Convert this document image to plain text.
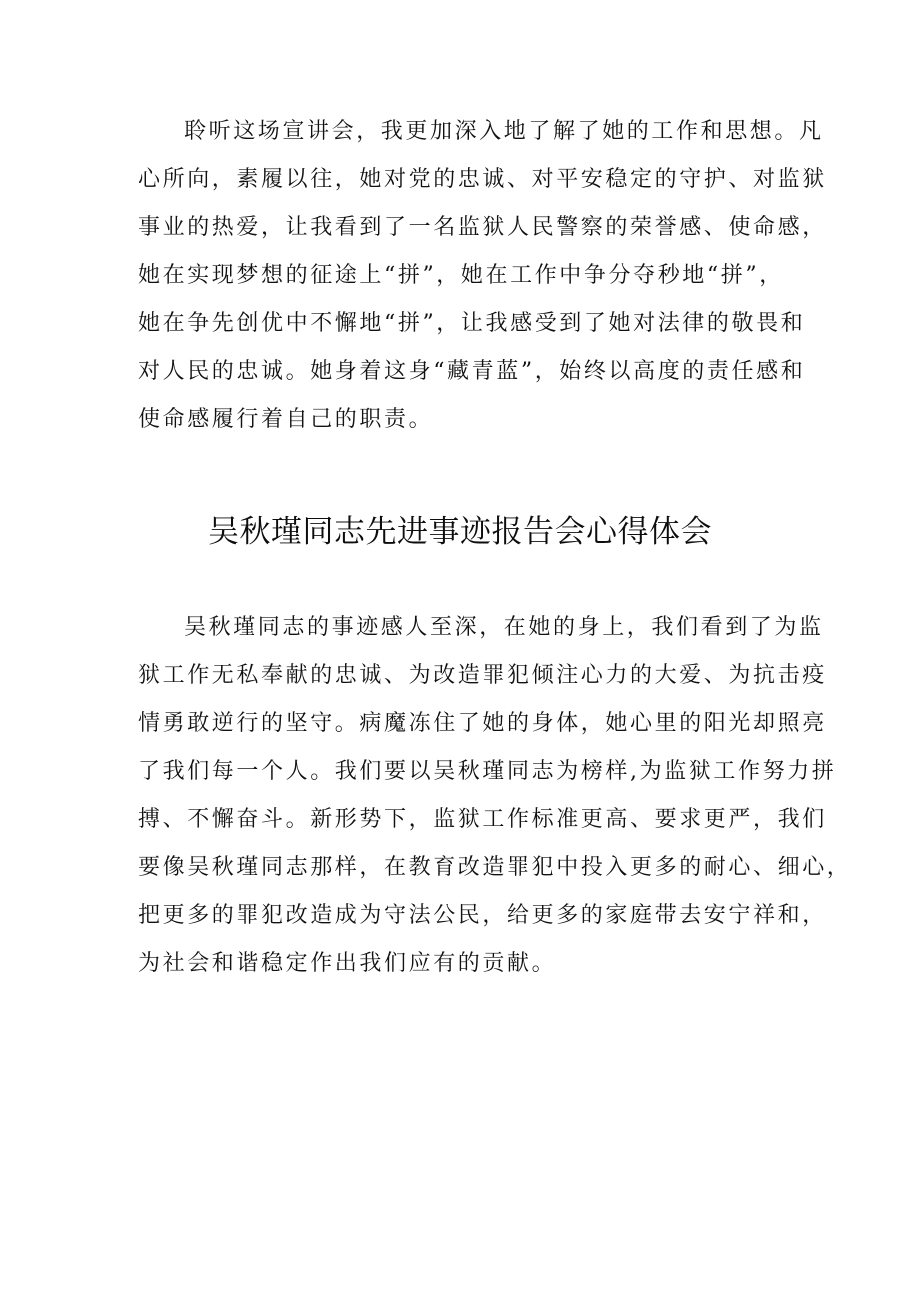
聆听这场宣讲会，我更加深入地了解了她的工作和思想。凡
心所向，素履以往，她对党的忠诚、对平安稳定的守护、对监狱
事业的热爱，让我看到了一名监狱人民警察的荣誉感、使命感，
她在实现梦想的征途上“拼”，她在工作中争分夺秒地“拼”，
她在争先创优中不懈地“拼”，让我感受到了她对法律的敬畏和
对人民的忠诚。她身着这身“藏青蓝”，始终以高度的责任感和
使命感履行着自己的职责。
吴秋瑾同志先进事迹报告会心得体会
吴秋瑾同志的事迹感人至深，在她的身上，我们看到了为监
狱工作无私奉献的忠诚、为改造罪犯倾注心力的大爱、为抗击疫
情勇敢逆行的坚守。病魔冻住了她的身体，她心里的阳光却照亮
了我们每一个人。我们要以吴秋瑾同志为榜样,为监狱工作努力拼
搏、不懈奋斗。新形势下，监狱工作标准更高、要求更严，我们
要像吴秋瑾同志那样，在教育改造罪犯中投入更多的耐心、细心，
把更多的罪犯改造成为守法公民，给更多的家庭带去安宁祥和，
为社会和谐稳定作出我们应有的贡献。
